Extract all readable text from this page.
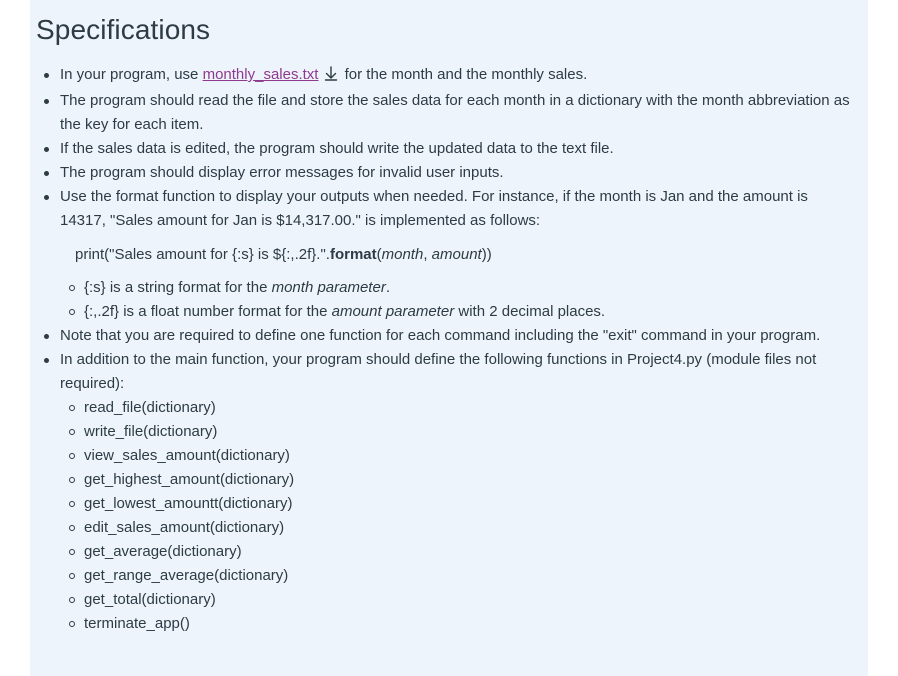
Specifications
In your program, use monthly_sales.txt for the month and the monthly sales.
The program should read the file and store the sales data for each month in a dictionary with the month abbreviation as the key for each item.
If the sales data is edited, the program should write the updated data to the text file.
The program should display error messages for invalid user inputs.
Use the format function to display your outputs when needed. For instance, if the month is Jan and the amount is 14317, "Sales amount for Jan is $14,317.00." is implemented as follows:
print("Sales amount for {:s} is ${:,.2f}.".format(month, amount))
{:s} is a string format for the month parameter.
{:,.2f} is a float number format for the amount parameter with 2 decimal places.
Note that you are required to define one function for each command including the "exit" command in your program.
In addition to the main function, your program should define the following functions in Project4.py (module files not required):
read_file(dictionary)
write_file(dictionary)
view_sales_amount(dictionary)
get_highest_amount(dictionary)
get_lowest_amountt(dictionary)
edit_sales_amount(dictionary)
get_average(dictionary)
get_range_average(dictionary)
get_total(dictionary)
terminate_app()
